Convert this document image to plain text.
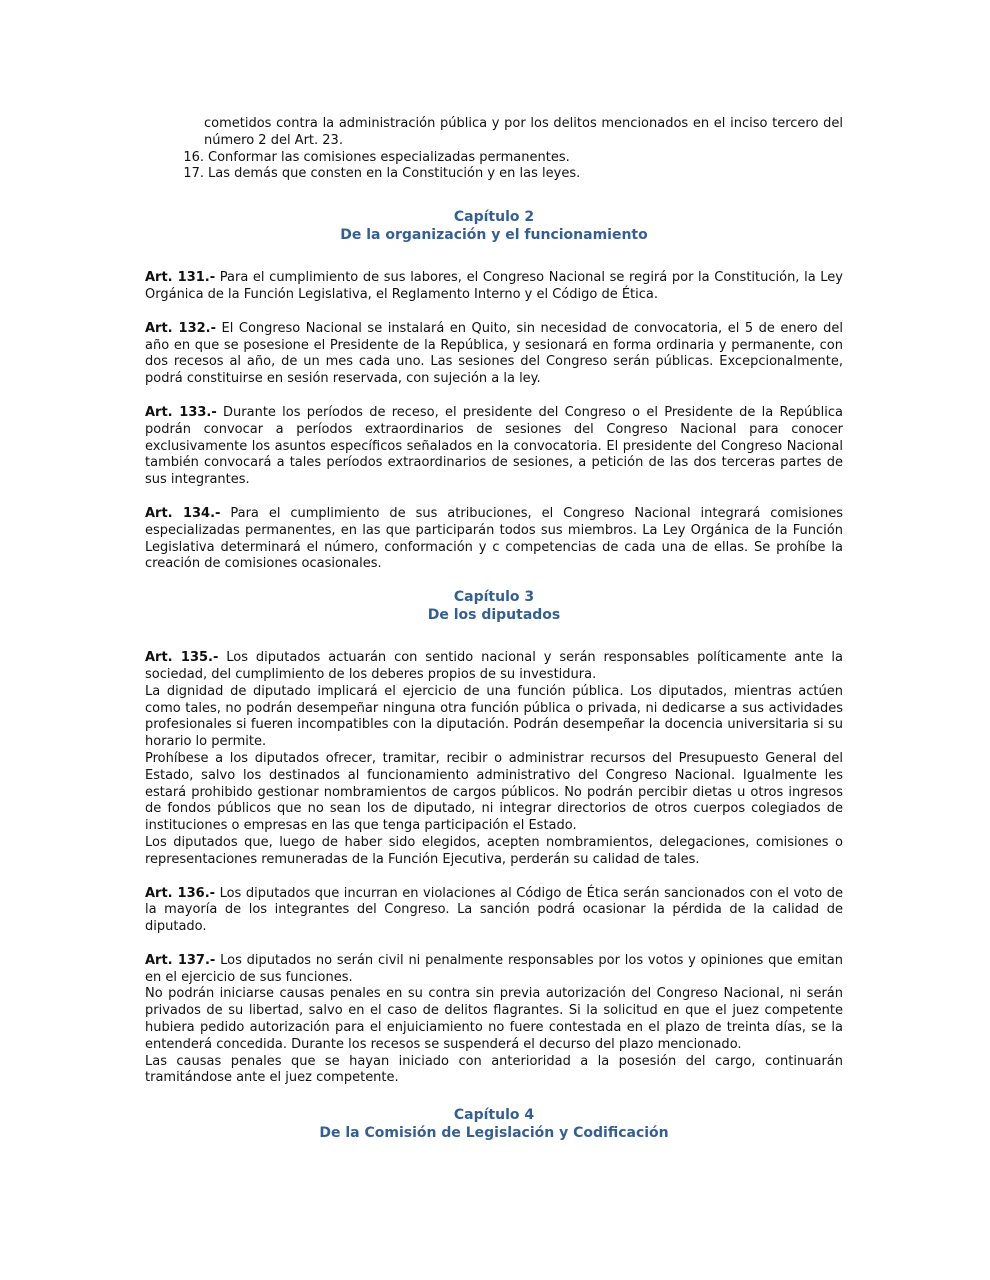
cometidos contra la administración pública y por los delitos mencionados en el inciso tercero del número 2 del Art. 23.
16. Conformar las comisiones especializadas permanentes.
17. Las demás que consten en la Constitución y en las leyes.
Capítulo 2
De la organización y el funcionamiento

Art. 131.- Para el cumplimiento de sus labores, el Congreso Nacional se regirá por la Constitución, la Ley Orgánica de la Función Legislativa, el Reglamento Interno y el Código de Ética.

Art. 132.- El Congreso Nacional se instalará en Quito, sin necesidad de convocatoria, el 5 de enero del año en que se posesione el Presidente de la República, y sesionará en forma ordinaria y permanente, con dos recesos al año, de un mes cada uno. Las sesiones del Congreso serán públicas. Excepcionalmente, podrá constituirse en sesión reservada, con sujeción a la ley.

Art. 133.- Durante los períodos de receso, el presidente del Congreso o el Presidente de la República podrán convocar a períodos extraordinarios de sesiones del Congreso Nacional para conocer exclusivamente los asuntos específicos señalados en la convocatoria. El presidente del Congreso Nacional también convocará a tales períodos extraordinarios de sesiones, a petición de las dos terceras partes de sus integrantes.

Art. 134.- Para el cumplimiento de sus atribuciones, el Congreso Nacional integrará comisiones especializadas permanentes, en las que participarán todos sus miembros. La Ley Orgánica de la Función Legislativa determinará el número, conformación y c competencias de cada una de ellas. Se prohíbe la creación de comisiones ocasionales.

Capítulo 3
De los diputados

Art. 135.- Los diputados actuarán con sentido nacional y serán responsables políticamente ante la sociedad, del cumplimiento de los deberes propios de su investidura.

La dignidad de diputado implicará el ejercicio de una función pública. Los diputados, mientras actúen como tales, no podrán desempeñar ninguna otra función pública o privada, ni dedicarse a sus actividades profesionales si fueren incompatibles con la diputación. Podrán desempeñar la docencia universitaria si su horario lo permite.

Prohíbese a los diputados ofrecer, tramitar, recibir o administrar recursos del Presupuesto General del Estado, salvo los destinados al funcionamiento administrativo del Congreso Nacional. Igualmente les estará prohibido gestionar nombramientos de cargos públicos. No podrán percibir dietas u otros ingresos de fondos públicos que no sean los de diputado, ni integrar directorios de otros cuerpos colegiados de instituciones o empresas en las que tenga participación el Estado.

Los diputados que, luego de haber sido elegidos, acepten nombramientos, delegaciones, comisiones o representaciones remuneradas de la Función Ejecutiva, perderán su calidad de tales.

Art. 136.- Los diputados que incurran en violaciones al Código de Ética serán sancionados con el voto de la mayoría de los integrantes del Congreso. La sanción podrá ocasionar la pérdida de la calidad de diputado.

Art. 137.- Los diputados no serán civil ni penalmente responsables por los votos y opiniones que emitan en el ejercicio de sus funciones.

No podrán iniciarse causas penales en su contra sin previa autorización del Congreso Nacional, ni serán privados de su libertad, salvo en el caso de delitos flagrantes. Si la solicitud en que el juez competente hubiera pedido autorización para el enjuiciamiento no fuere contestada en el plazo de treinta días, se la entenderá concedida. Durante los recesos se suspenderá el decurso del plazo mencionado.

Las causas penales que se hayan iniciado con anterioridad a la posesión del cargo, continuarán tramitándose ante el juez competente.

Capítulo 4
De la Comisión de Legislación y Codificación
